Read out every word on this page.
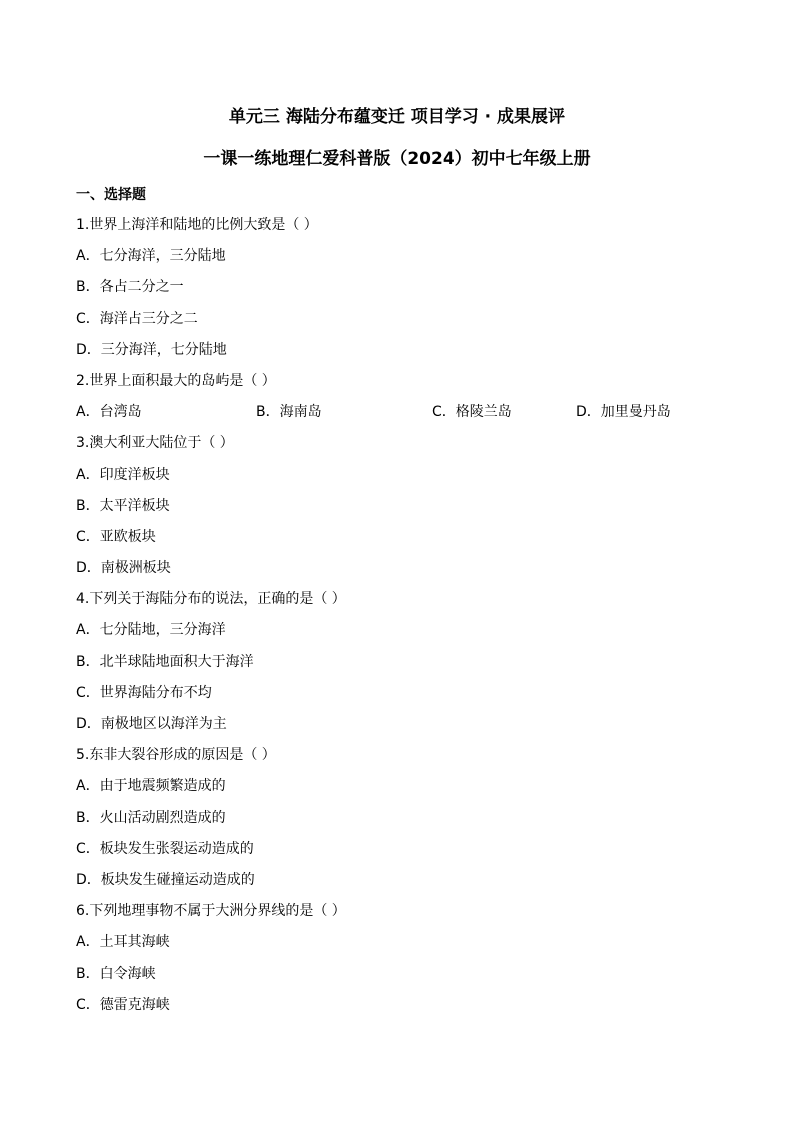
单元三 海陆分布蕴变迁 项目学习 · 成果展评
一课一练地理仁爱科普版（2024）初中七年级上册
一、选择题
1.世界上海洋和陆地的比例大致是（ ）
A．七分海洋，三分陆地
B．各占二分之一
C．海洋占三分之二
D．三分海洋，七分陆地
2.世界上面积最大的岛屿是（ ）
A．台湾岛	B．海南岛	C．格陵兰岛	D．加里曼丹岛
3.澳大利亚大陆位于（ ）
A．印度洋板块
B．太平洋板块
C．亚欧板块
D．南极洲板块
4.下列关于海陆分布的说法，正确的是（ ）
A．七分陆地，三分海洋
B．北半球陆地面积大于海洋
C．世界海陆分布不均
D．南极地区以海洋为主
5.东非大裂谷形成的原因是（ ）
A．由于地震频繁造成的
B．火山活动剧烈造成的
C．板块发生张裂运动造成的
D．板块发生碰撞运动造成的
6.下列地理事物不属于大洲分界线的是（ ）
A．土耳其海峡
B．白令海峡
C．德雷克海峡
